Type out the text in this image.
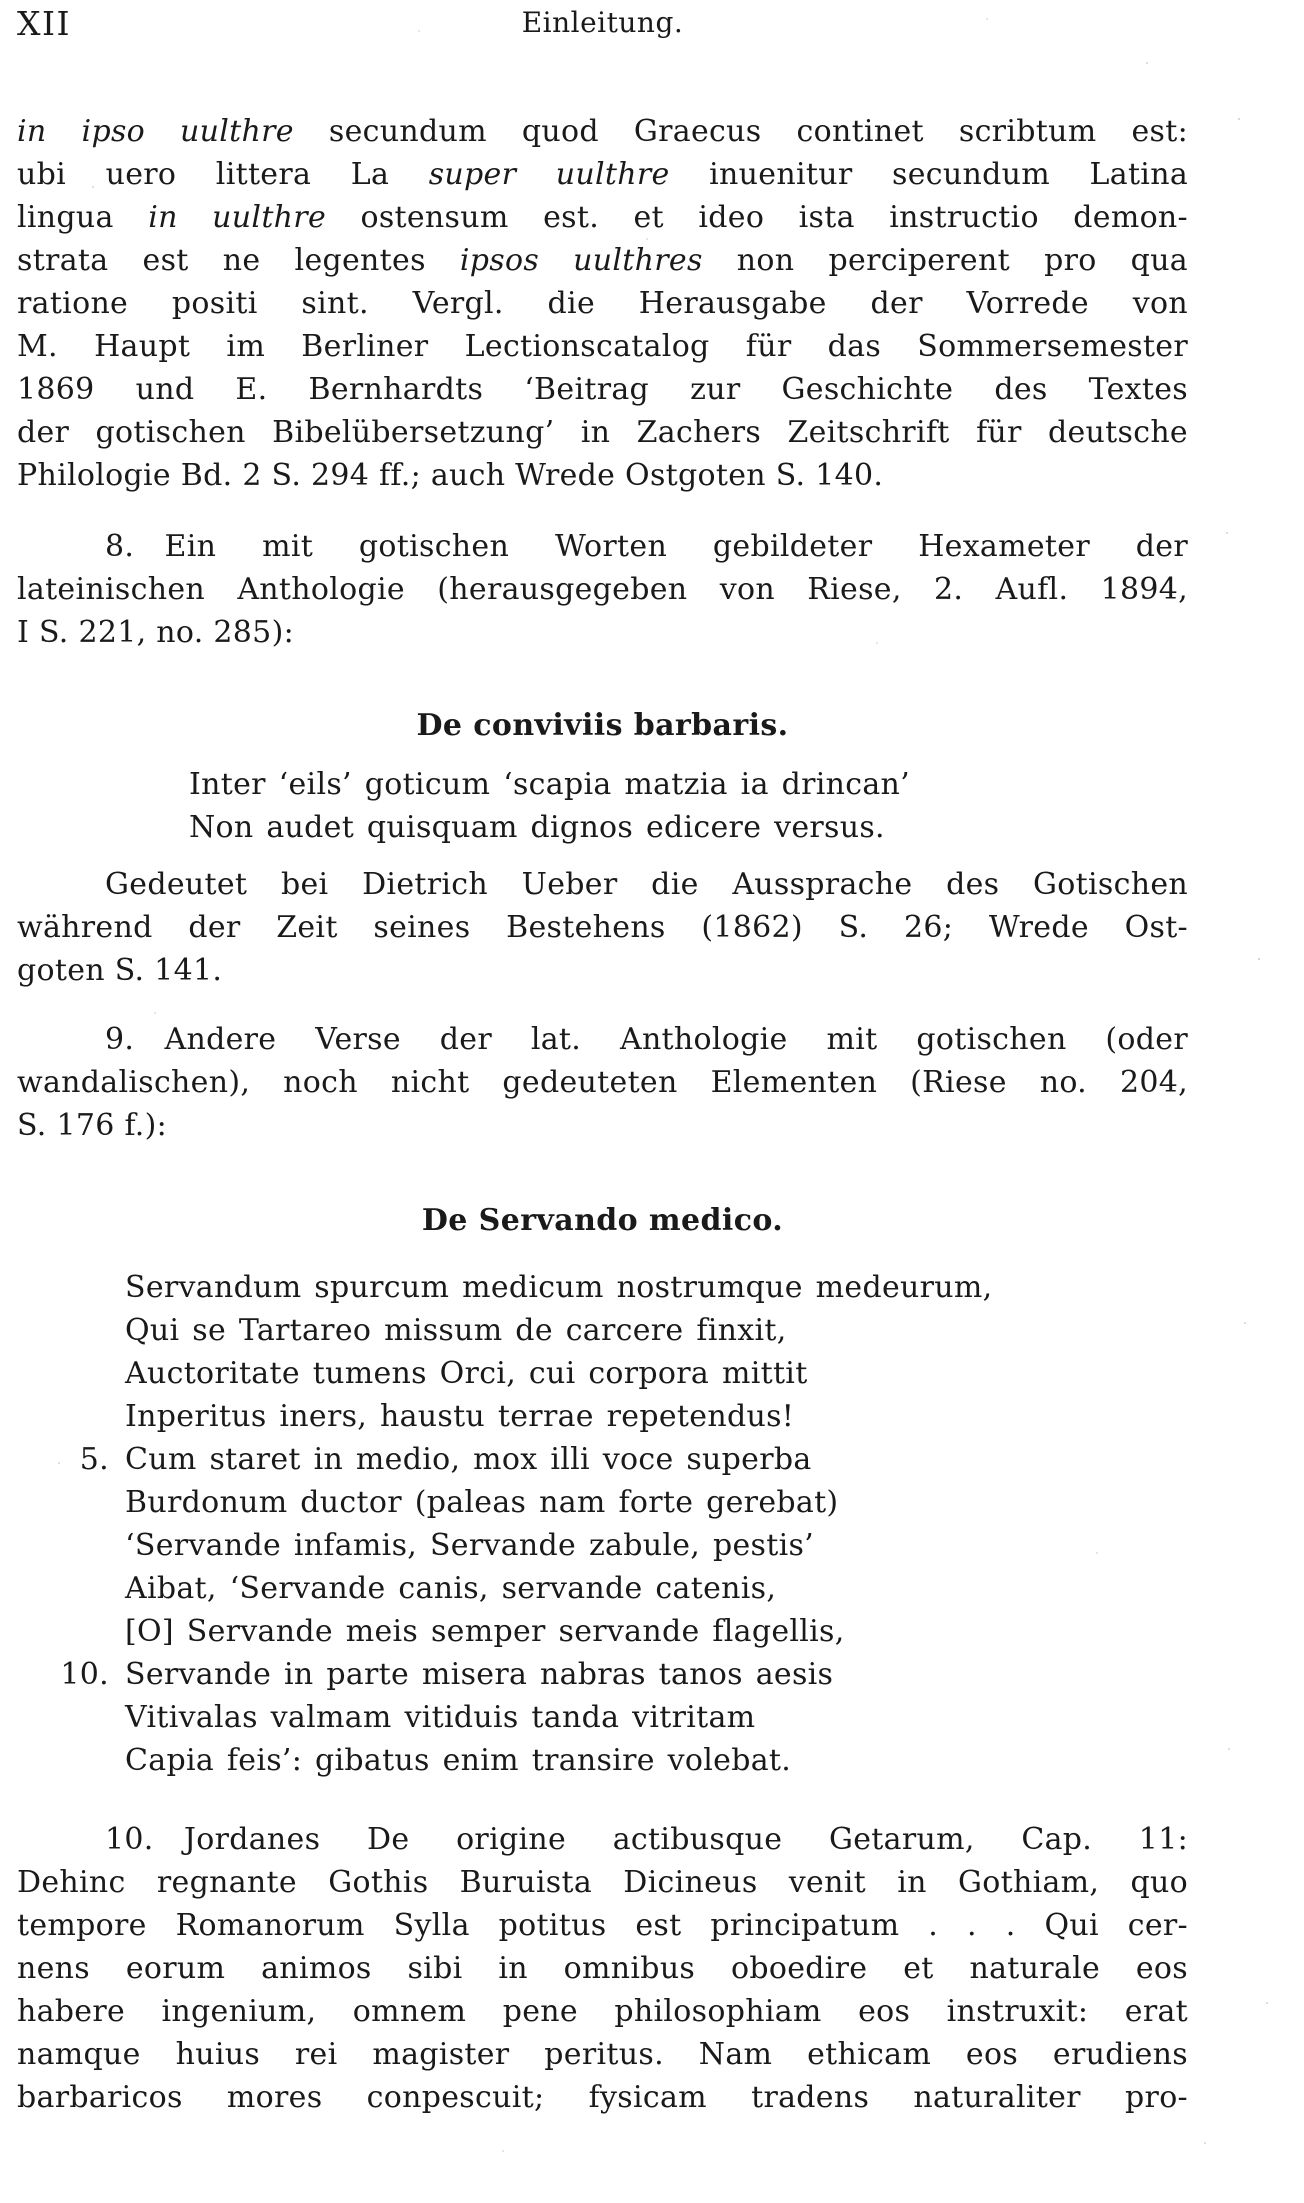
XII	Einleitung.
in ipso uulthre secundum quod Graecus continet scribtum est:
ubi uero littera La super uulthre inuenitur secundum Latina
lingua in uulthre ostensum est. et ideo ista instructio demon-
strata est ne legentes ipsos uulthres non perciperent pro qua
ratione positi sint. Vergl. die Herausgabe der Vorrede von
M. Haupt im Berliner Lectionscatalog für das Sommersemester
1869 und E. Bernhardts ‘Beitrag zur Geschichte des Textes
der gotischen Bibelübersetzung’ in Zachers Zeitschrift für deutsche
Philologie Bd. 2 S. 294 ff.; auch Wrede Ostgoten S. 140.
8. Ein mit gotischen Worten gebildeter Hexameter der
lateinischen Anthologie (herausgegeben von Riese, 2. Aufl. 1894,
I S. 221, no. 285):
De conviviis barbaris.
Inter ‘eils’ goticum ‘scapia matzia ia drincan’
Non audet quisquam dignos edicere versus.
Gedeutet bei Dietrich Ueber die Aussprache des Gotischen
während der Zeit seines Bestehens (1862) S. 26; Wrede Ost-
goten S. 141.
9. Andere Verse der lat. Anthologie mit gotischen (oder
wandalischen), noch nicht gedeuteten Elementen (Riese no. 204,
S. 176 f.):
De Servando medico.
Servandum spurcum medicum nostrumque medeurum,
Qui se Tartareo missum de carcere finxit,
Auctoritate tumens Orci, cui corpora mittit
Inperitus iners, haustu terrae repetendus!
5. Cum staret in medio, mox illi voce superba
Burdonum ductor (paleas nam forte gerebat)
‘Servande infamis, Servande zabule, pestis’
Aibat, ‘Servande canis, servande catenis,
[O] Servande meis semper servande flagellis,
10. Servande in parte misera nabras tanos aesis
Vitivalas valmam vitiduis tanda vitritam
Capia feis’: gibatus enim transire volebat.
10. Jordanes De origine actibusque Getarum, Cap. 11:
Dehinc regnante Gothis Buruista Dicineus venit in Gothiam, quo
tempore Romanorum Sylla potitus est principatum . . . Qui cer-
nens eorum animos sibi in omnibus oboedire et naturale eos
habere ingenium, omnem pene philosophiam eos instruxit: erat
namque huius rei magister peritus. Nam ethicam eos erudiens
barbaricos mores conpescuit; fysicam tradens naturaliter pro-
